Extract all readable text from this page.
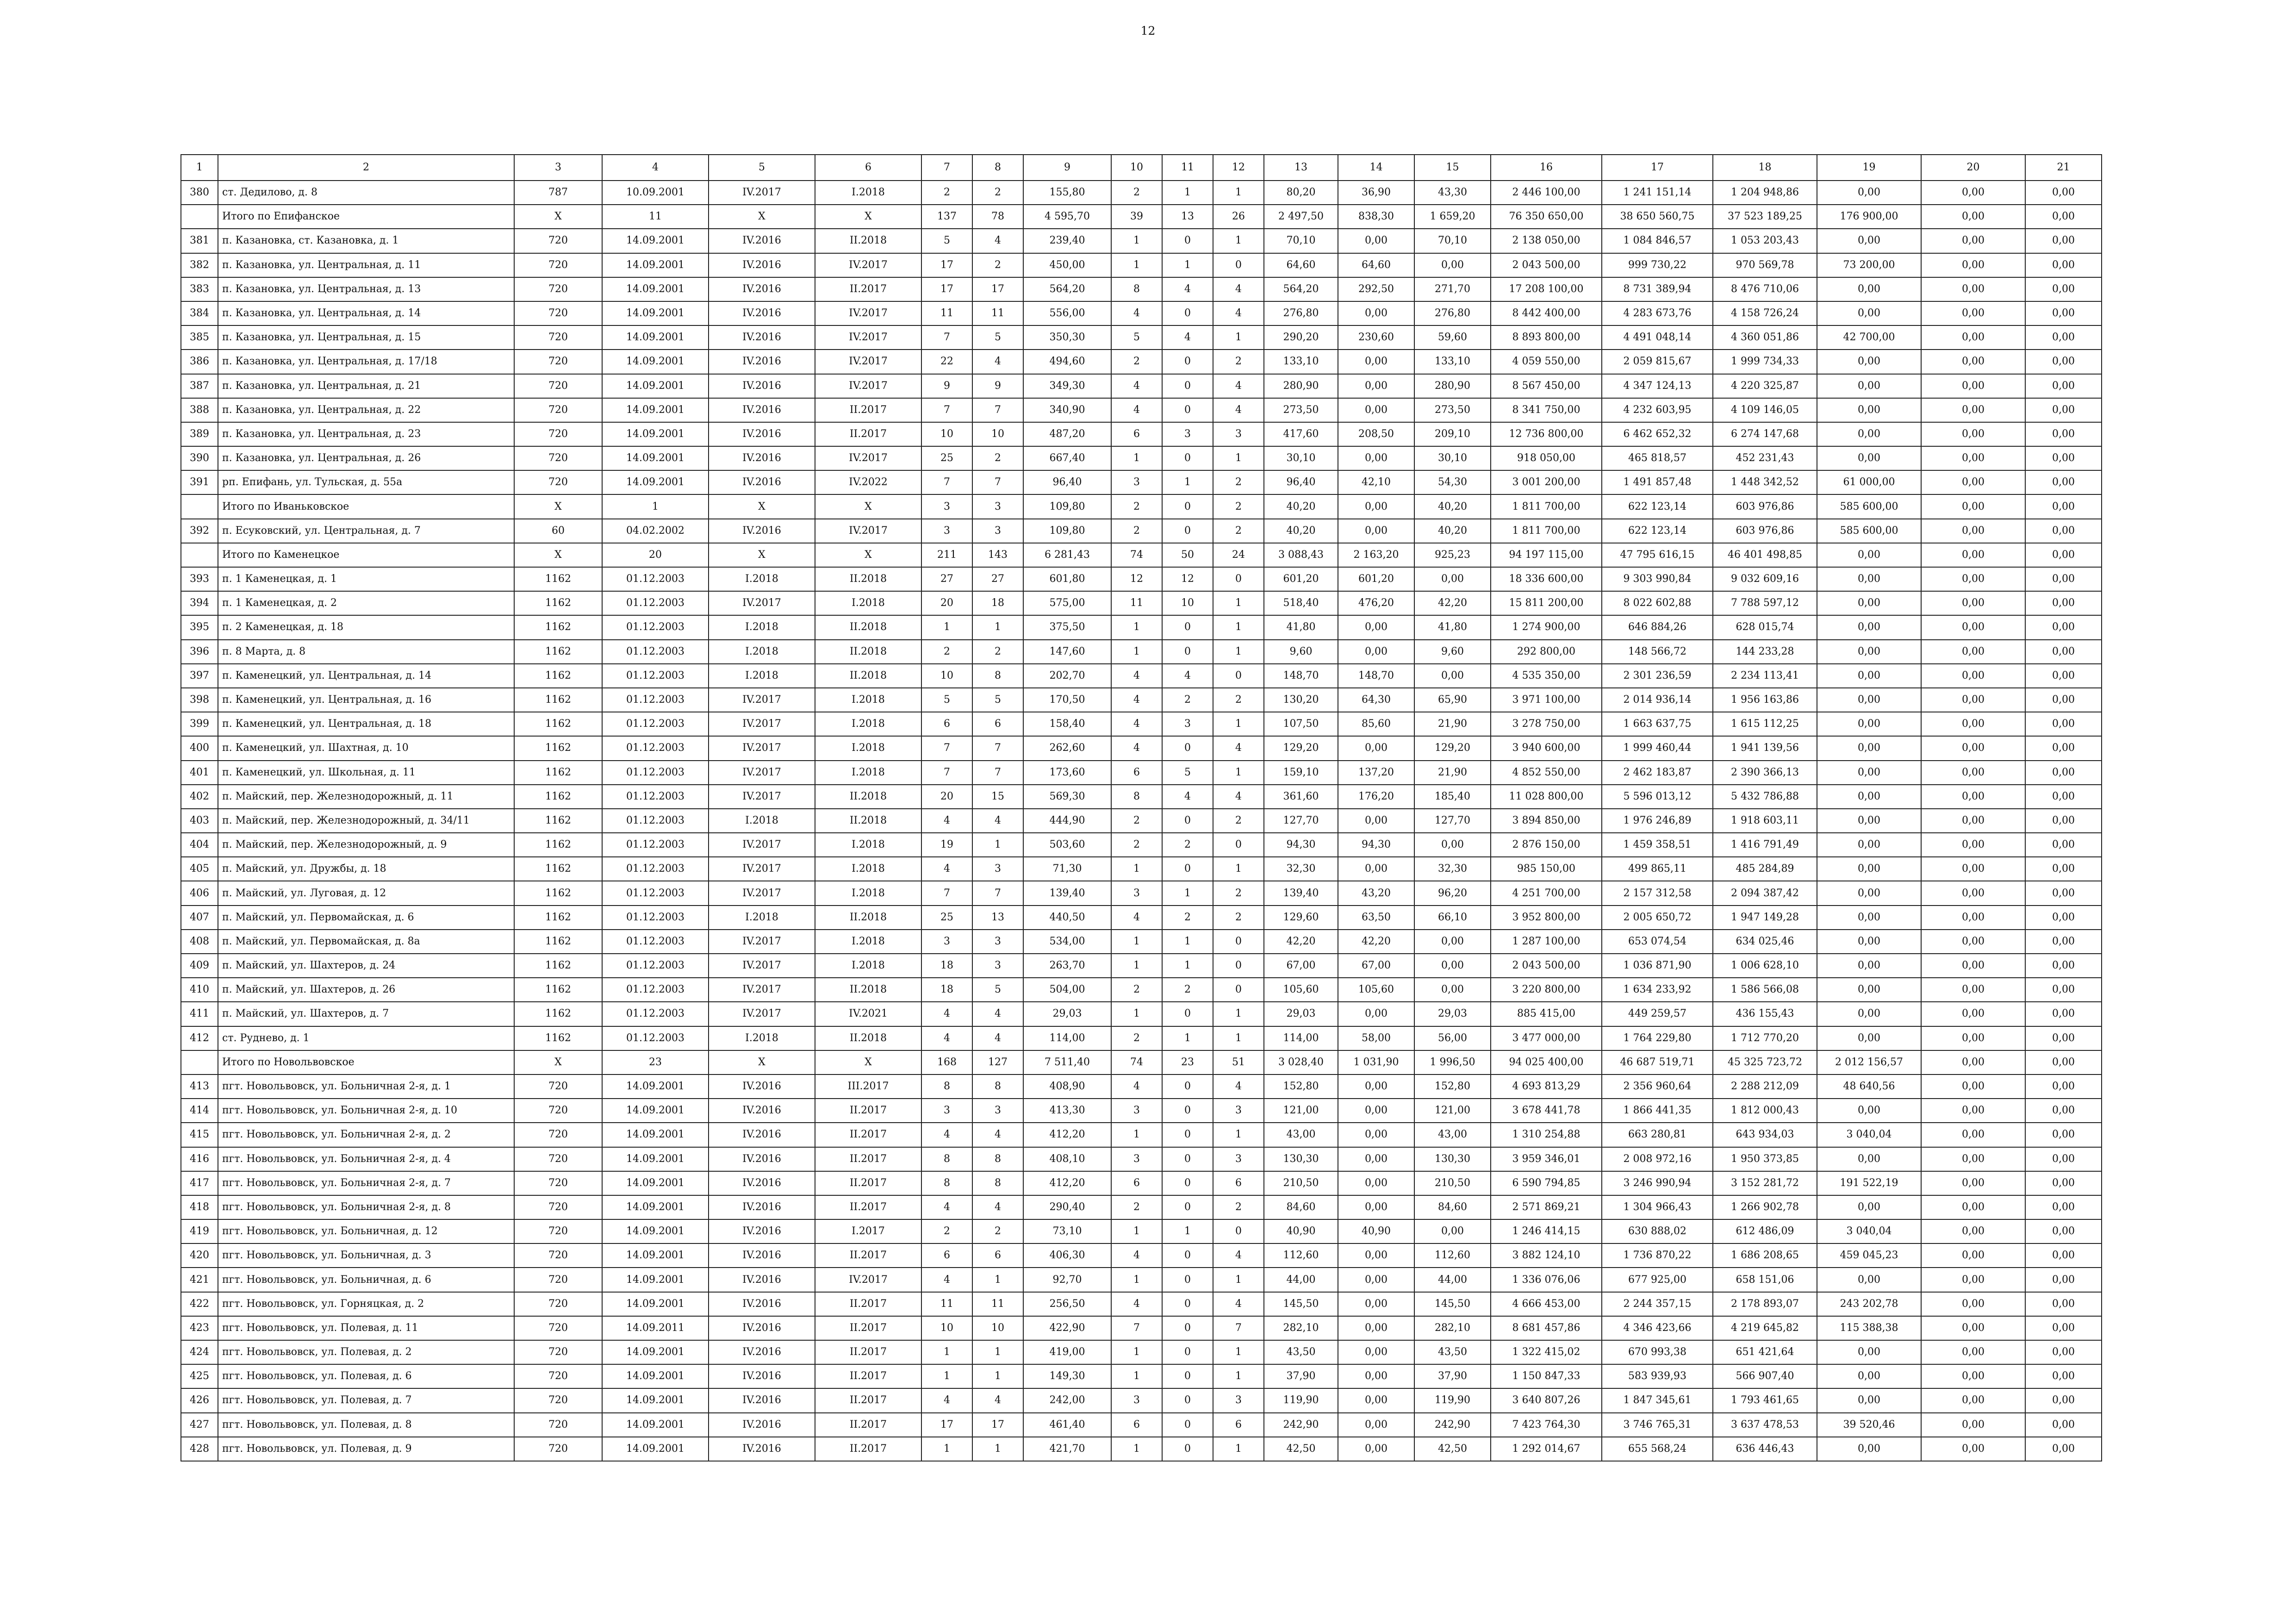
12
1	2	3	4	5	6	7	8	9	10	11	12	13	14	15	16	17	18	19	20	21
380	ст. Дедилово, д. 8	787	10.09.2001	IV.2017	I.2018	2	2	155,80	2	1	1	80,20	36,90	43,30	2 446 100,00	1 241 151,14	1 204 948,86	0,00	0,00	0,00
	Итого по Епифанское	X	11	X	X	137	78	4 595,70	39	13	26	2 497,50	838,30	1 659,20	76 350 650,00	38 650 560,75	37 523 189,25	176 900,00	0,00	0,00
381	п. Казановка, ст. Казановка, д. 1	720	14.09.2001	IV.2016	II.2018	5	4	239,40	1	0	1	70,10	0,00	70,10	2 138 050,00	1 084 846,57	1 053 203,43	0,00	0,00	0,00
382	п. Казановка, ул. Центральная, д. 11	720	14.09.2001	IV.2016	IV.2017	17	2	450,00	1	1	0	64,60	64,60	0,00	2 043 500,00	999 730,22	970 569,78	73 200,00	0,00	0,00
383	п. Казановка, ул. Центральная, д. 13	720	14.09.2001	IV.2016	II.2017	17	17	564,20	8	4	4	564,20	292,50	271,70	17 208 100,00	8 731 389,94	8 476 710,06	0,00	0,00	0,00
384	п. Казановка, ул. Центральная, д. 14	720	14.09.2001	IV.2016	IV.2017	11	11	556,00	4	0	4	276,80	0,00	276,80	8 442 400,00	4 283 673,76	4 158 726,24	0,00	0,00	0,00
385	п. Казановка, ул. Центральная, д. 15	720	14.09.2001	IV.2016	IV.2017	7	5	350,30	5	4	1	290,20	230,60	59,60	8 893 800,00	4 491 048,14	4 360 051,86	42 700,00	0,00	0,00
386	п. Казановка, ул. Центральная, д. 17/18	720	14.09.2001	IV.2016	IV.2017	22	4	494,60	2	0	2	133,10	0,00	133,10	4 059 550,00	2 059 815,67	1 999 734,33	0,00	0,00	0,00
387	п. Казановка, ул. Центральная, д. 21	720	14.09.2001	IV.2016	IV.2017	9	9	349,30	4	0	4	280,90	0,00	280,90	8 567 450,00	4 347 124,13	4 220 325,87	0,00	0,00	0,00
388	п. Казановка, ул. Центральная, д. 22	720	14.09.2001	IV.2016	II.2017	7	7	340,90	4	0	4	273,50	0,00	273,50	8 341 750,00	4 232 603,95	4 109 146,05	0,00	0,00	0,00
389	п. Казановка, ул. Центральная, д. 23	720	14.09.2001	IV.2016	II.2017	10	10	487,20	6	3	3	417,60	208,50	209,10	12 736 800,00	6 462 652,32	6 274 147,68	0,00	0,00	0,00
390	п. Казановка, ул. Центральная, д. 26	720	14.09.2001	IV.2016	IV.2017	25	2	667,40	1	0	1	30,10	0,00	30,10	918 050,00	465 818,57	452 231,43	0,00	0,00	0,00
391	рп. Епифань, ул. Тульская, д. 55а	720	14.09.2001	IV.2016	IV.2022	7	7	96,40	3	1	2	96,40	42,10	54,30	3 001 200,00	1 491 857,48	1 448 342,52	61 000,00	0,00	0,00
	Итого по Иваньковское	X	1	X	X	3	3	109,80	2	0	2	40,20	0,00	40,20	1 811 700,00	622 123,14	603 976,86	585 600,00	0,00	0,00
392	п. Есуковский, ул. Центральная, д. 7	60	04.02.2002	IV.2016	IV.2017	3	3	109,80	2	0	2	40,20	0,00	40,20	1 811 700,00	622 123,14	603 976,86	585 600,00	0,00	0,00
	Итого по Каменецкое	X	20	X	X	211	143	6 281,43	74	50	24	3 088,43	2 163,20	925,23	94 197 115,00	47 795 616,15	46 401 498,85	0,00	0,00	0,00
393	п. 1 Каменецкая, д. 1	1162	01.12.2003	I.2018	II.2018	27	27	601,80	12	12	0	601,20	601,20	0,00	18 336 600,00	9 303 990,84	9 032 609,16	0,00	0,00	0,00
394	п. 1 Каменецкая, д. 2	1162	01.12.2003	IV.2017	I.2018	20	18	575,00	11	10	1	518,40	476,20	42,20	15 811 200,00	8 022 602,88	7 788 597,12	0,00	0,00	0,00
395	п. 2 Каменецкая, д. 18	1162	01.12.2003	I.2018	II.2018	1	1	375,50	1	0	1	41,80	0,00	41,80	1 274 900,00	646 884,26	628 015,74	0,00	0,00	0,00
396	п. 8 Марта, д. 8	1162	01.12.2003	I.2018	II.2018	2	2	147,60	1	0	1	9,60	0,00	9,60	292 800,00	148 566,72	144 233,28	0,00	0,00	0,00
397	п. Каменецкий, ул. Центральная, д. 14	1162	01.12.2003	I.2018	II.2018	10	8	202,70	4	4	0	148,70	148,70	0,00	4 535 350,00	2 301 236,59	2 234 113,41	0,00	0,00	0,00
398	п. Каменецкий, ул. Центральная, д. 16	1162	01.12.2003	IV.2017	I.2018	5	5	170,50	4	2	2	130,20	64,30	65,90	3 971 100,00	2 014 936,14	1 956 163,86	0,00	0,00	0,00
399	п. Каменецкий, ул. Центральная, д. 18	1162	01.12.2003	IV.2017	I.2018	6	6	158,40	4	3	1	107,50	85,60	21,90	3 278 750,00	1 663 637,75	1 615 112,25	0,00	0,00	0,00
400	п. Каменецкий, ул. Шахтная, д. 10	1162	01.12.2003	IV.2017	I.2018	7	7	262,60	4	0	4	129,20	0,00	129,20	3 940 600,00	1 999 460,44	1 941 139,56	0,00	0,00	0,00
401	п. Каменецкий, ул. Школьная, д. 11	1162	01.12.2003	IV.2017	I.2018	7	7	173,60	6	5	1	159,10	137,20	21,90	4 852 550,00	2 462 183,87	2 390 366,13	0,00	0,00	0,00
402	п. Майский, пер. Железнодорожный, д. 11	1162	01.12.2003	IV.2017	II.2018	20	15	569,30	8	4	4	361,60	176,20	185,40	11 028 800,00	5 596 013,12	5 432 786,88	0,00	0,00	0,00
403	п. Майский, пер. Железнодорожный, д. 34/11	1162	01.12.2003	I.2018	II.2018	4	4	444,90	2	0	2	127,70	0,00	127,70	3 894 850,00	1 976 246,89	1 918 603,11	0,00	0,00	0,00
404	п. Майский, пер. Железнодорожный, д. 9	1162	01.12.2003	IV.2017	I.2018	19	1	503,60	2	2	0	94,30	94,30	0,00	2 876 150,00	1 459 358,51	1 416 791,49	0,00	0,00	0,00
405	п. Майский, ул. Дружбы, д. 18	1162	01.12.2003	IV.2017	I.2018	4	3	71,30	1	0	1	32,30	0,00	32,30	985 150,00	499 865,11	485 284,89	0,00	0,00	0,00
406	п. Майский, ул. Луговая, д. 12	1162	01.12.2003	IV.2017	I.2018	7	7	139,40	3	1	2	139,40	43,20	96,20	4 251 700,00	2 157 312,58	2 094 387,42	0,00	0,00	0,00
407	п. Майский, ул. Первомайская, д. 6	1162	01.12.2003	I.2018	II.2018	25	13	440,50	4	2	2	129,60	63,50	66,10	3 952 800,00	2 005 650,72	1 947 149,28	0,00	0,00	0,00
408	п. Майский, ул. Первомайская, д. 8а	1162	01.12.2003	IV.2017	I.2018	3	3	534,00	1	1	0	42,20	42,20	0,00	1 287 100,00	653 074,54	634 025,46	0,00	0,00	0,00
409	п. Майский, ул. Шахтеров, д. 24	1162	01.12.2003	IV.2017	I.2018	18	3	263,70	1	1	0	67,00	67,00	0,00	2 043 500,00	1 036 871,90	1 006 628,10	0,00	0,00	0,00
410	п. Майский, ул. Шахтеров, д. 26	1162	01.12.2003	IV.2017	II.2018	18	5	504,00	2	2	0	105,60	105,60	0,00	3 220 800,00	1 634 233,92	1 586 566,08	0,00	0,00	0,00
411	п. Майский, ул. Шахтеров, д. 7	1162	01.12.2003	IV.2017	IV.2021	4	4	29,03	1	0	1	29,03	0,00	29,03	885 415,00	449 259,57	436 155,43	0,00	0,00	0,00
412	ст. Руднево, д. 1	1162	01.12.2003	I.2018	II.2018	4	4	114,00	2	1	1	114,00	58,00	56,00	3 477 000,00	1 764 229,80	1 712 770,20	0,00	0,00	0,00
	Итого по Новольвовское	X	23	X	X	168	127	7 511,40	74	23	51	3 028,40	1 031,90	1 996,50	94 025 400,00	46 687 519,71	45 325 723,72	2 012 156,57	0,00	0,00
413	пгт. Новольвовск, ул. Больничная 2-я, д. 1	720	14.09.2001	IV.2016	III.2017	8	8	408,90	4	0	4	152,80	0,00	152,80	4 693 813,29	2 356 960,64	2 288 212,09	48 640,56	0,00	0,00
414	пгт. Новольвовск, ул. Больничная 2-я, д. 10	720	14.09.2001	IV.2016	II.2017	3	3	413,30	3	0	3	121,00	0,00	121,00	3 678 441,78	1 866 441,35	1 812 000,43	0,00	0,00	0,00
415	пгт. Новольвовск, ул. Больничная 2-я, д. 2	720	14.09.2001	IV.2016	II.2017	4	4	412,20	1	0	1	43,00	0,00	43,00	1 310 254,88	663 280,81	643 934,03	3 040,04	0,00	0,00
416	пгт. Новольвовск, ул. Больничная 2-я, д. 4	720	14.09.2001	IV.2016	II.2017	8	8	408,10	3	0	3	130,30	0,00	130,30	3 959 346,01	2 008 972,16	1 950 373,85	0,00	0,00	0,00
417	пгт. Новольвовск, ул. Больничная 2-я, д. 7	720	14.09.2001	IV.2016	II.2017	8	8	412,20	6	0	6	210,50	0,00	210,50	6 590 794,85	3 246 990,94	3 152 281,72	191 522,19	0,00	0,00
418	пгт. Новольвовск, ул. Больничная 2-я, д. 8	720	14.09.2001	IV.2016	II.2017	4	4	290,40	2	0	2	84,60	0,00	84,60	2 571 869,21	1 304 966,43	1 266 902,78	0,00	0,00	0,00
419	пгт. Новольвовск, ул. Больничная, д. 12	720	14.09.2001	IV.2016	I.2017	2	2	73,10	1	1	0	40,90	40,90	0,00	1 246 414,15	630 888,02	612 486,09	3 040,04	0,00	0,00
420	пгт. Новольвовск, ул. Больничная, д. 3	720	14.09.2001	IV.2016	II.2017	6	6	406,30	4	0	4	112,60	0,00	112,60	3 882 124,10	1 736 870,22	1 686 208,65	459 045,23	0,00	0,00
421	пгт. Новольвовск, ул. Больничная, д. 6	720	14.09.2001	IV.2016	IV.2017	4	1	92,70	1	0	1	44,00	0,00	44,00	1 336 076,06	677 925,00	658 151,06	0,00	0,00	0,00
422	пгт. Новольвовск, ул. Горняцкая, д. 2	720	14.09.2001	IV.2016	II.2017	11	11	256,50	4	0	4	145,50	0,00	145,50	4 666 453,00	2 244 357,15	2 178 893,07	243 202,78	0,00	0,00
423	пгт. Новольвовск, ул. Полевая, д. 11	720	14.09.2011	IV.2016	II.2017	10	10	422,90	7	0	7	282,10	0,00	282,10	8 681 457,86	4 346 423,66	4 219 645,82	115 388,38	0,00	0,00
424	пгт. Новольвовск, ул. Полевая, д. 2	720	14.09.2001	IV.2016	II.2017	1	1	419,00	1	0	1	43,50	0,00	43,50	1 322 415,02	670 993,38	651 421,64	0,00	0,00	0,00
425	пгт. Новольвовск, ул. Полевая, д. 6	720	14.09.2001	IV.2016	II.2017	1	1	149,30	1	0	1	37,90	0,00	37,90	1 150 847,33	583 939,93	566 907,40	0,00	0,00	0,00
426	пгт. Новольвовск, ул. Полевая, д. 7	720	14.09.2001	IV.2016	II.2017	4	4	242,00	3	0	3	119,90	0,00	119,90	3 640 807,26	1 847 345,61	1 793 461,65	0,00	0,00	0,00
427	пгт. Новольвовск, ул. Полевая, д. 8	720	14.09.2001	IV.2016	II.2017	17	17	461,40	6	0	6	242,90	0,00	242,90	7 423 764,30	3 746 765,31	3 637 478,53	39 520,46	0,00	0,00
428	пгт. Новольвовск, ул. Полевая, д. 9	720	14.09.2001	IV.2016	II.2017	1	1	421,70	1	0	1	42,50	0,00	42,50	1 292 014,67	655 568,24	636 446,43	0,00	0,00	0,00
